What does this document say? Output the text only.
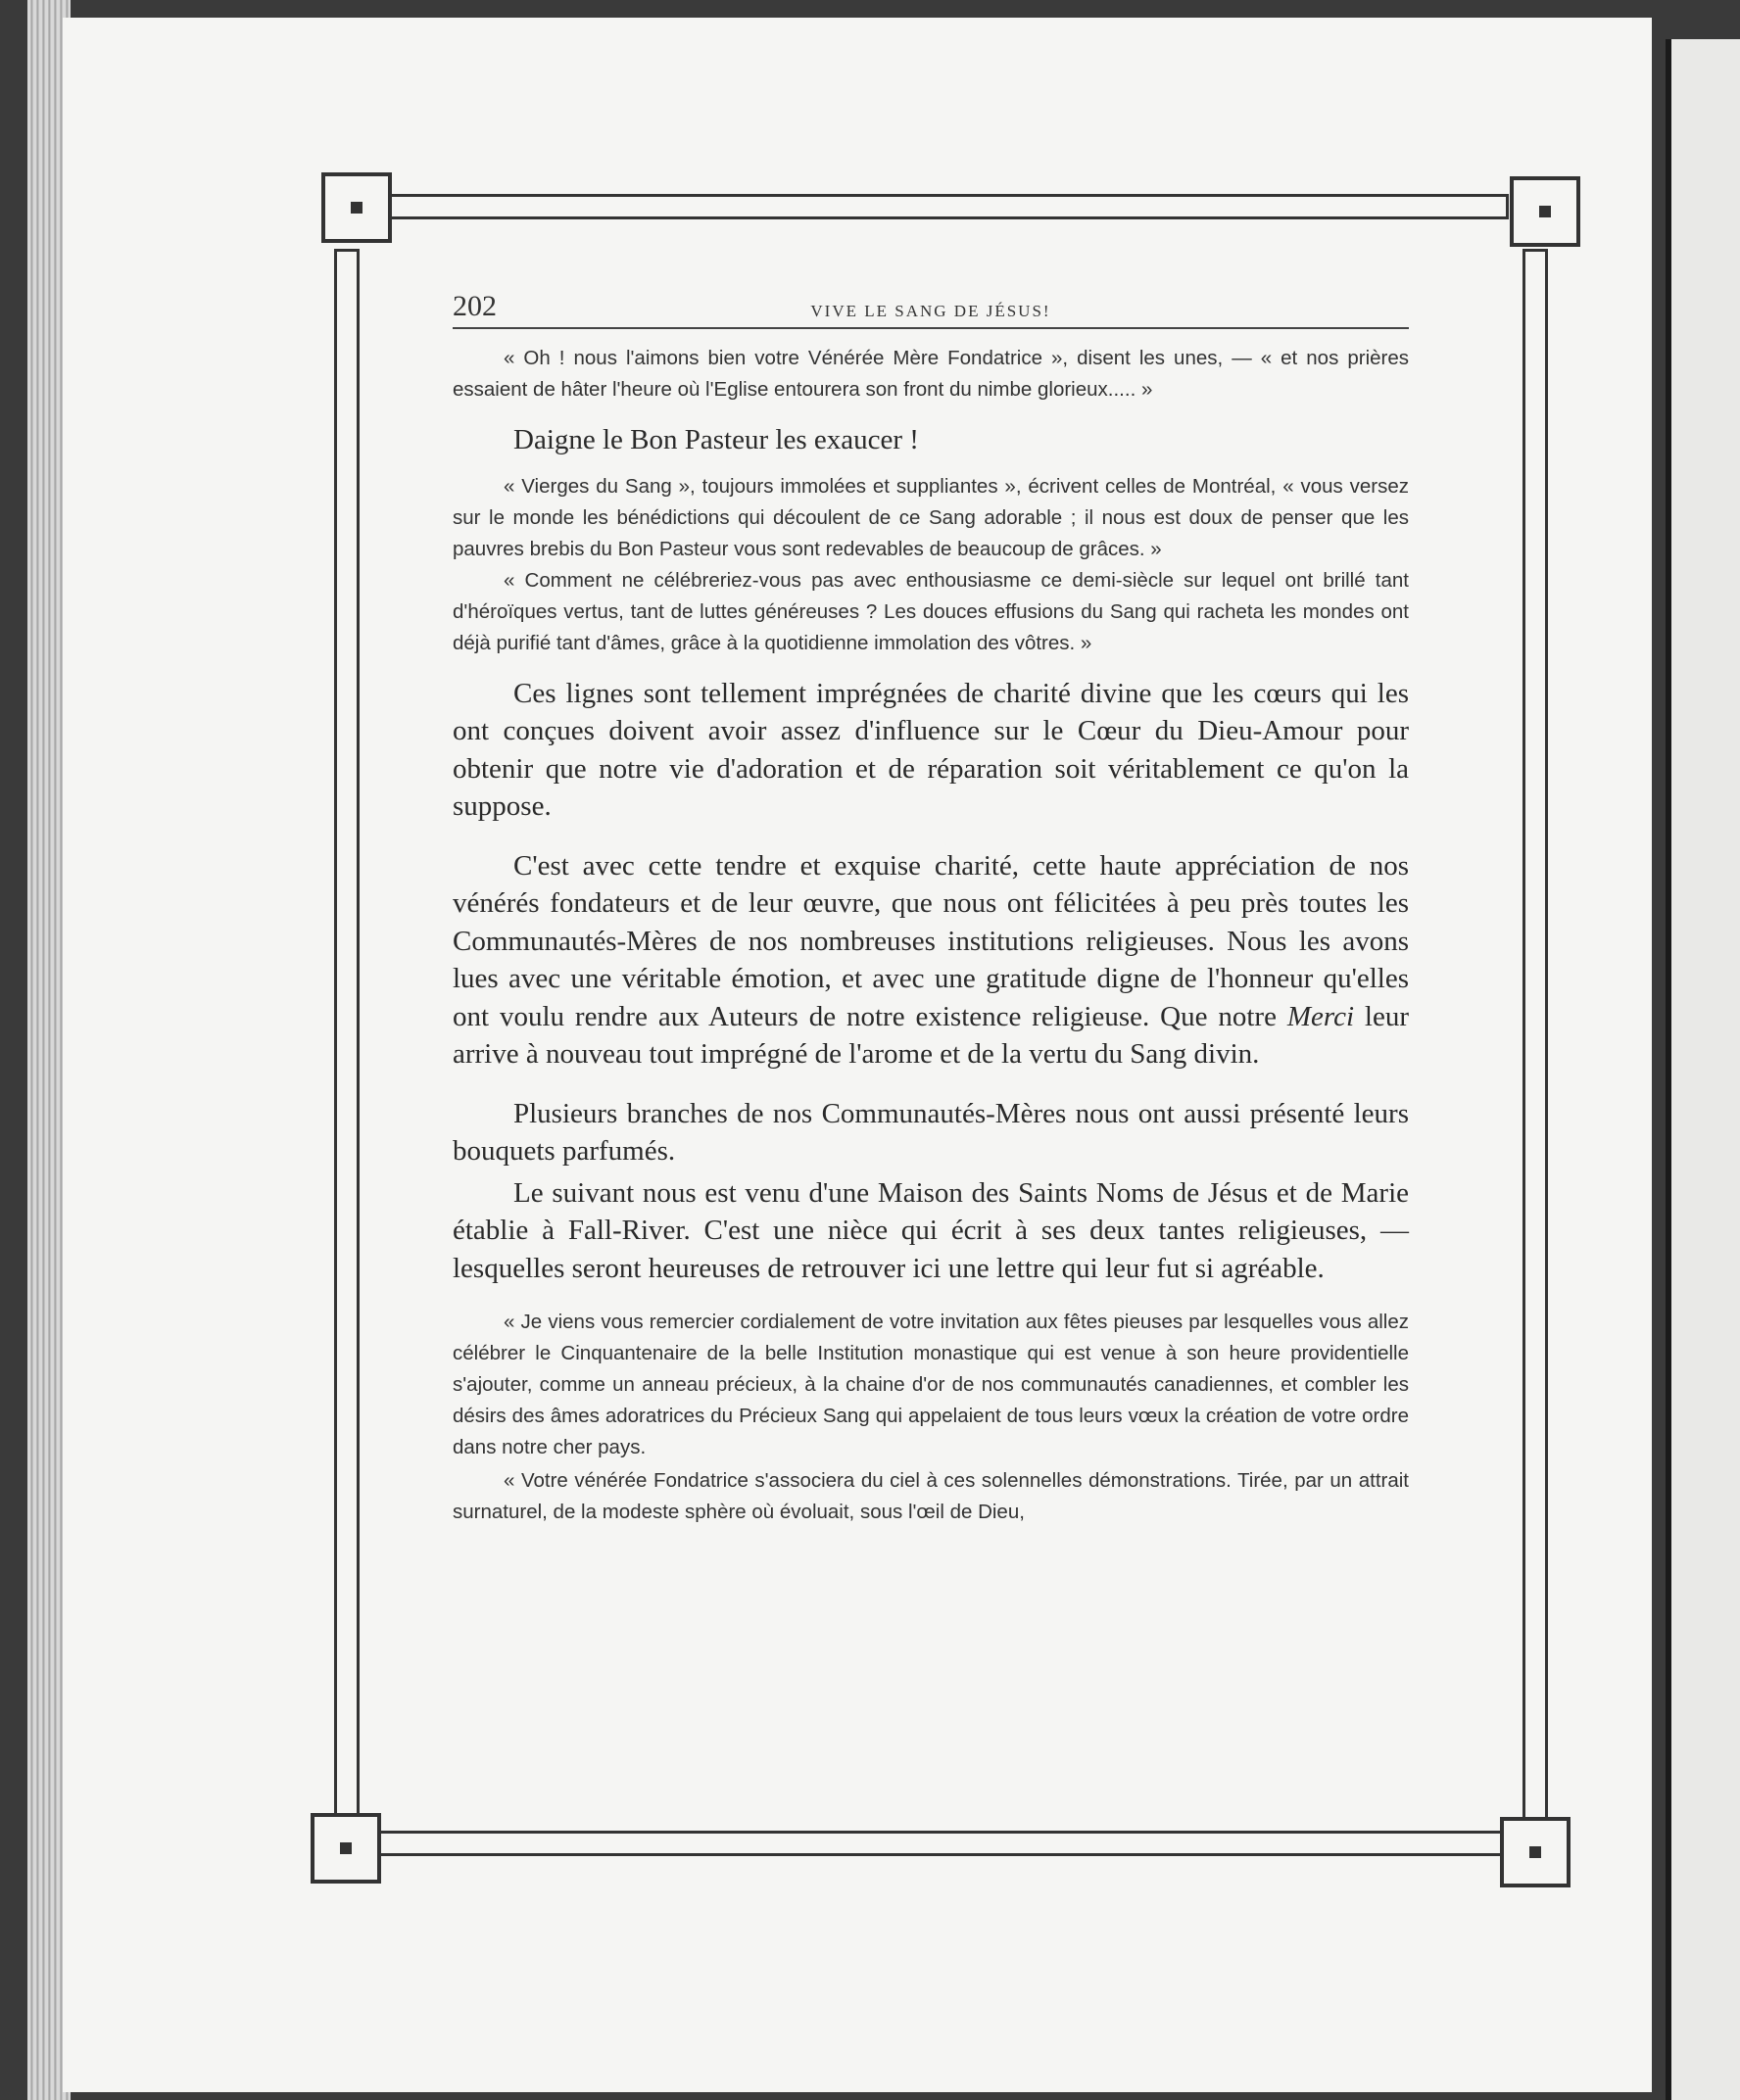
202	VIVE LE SANG DE JÉSUS!

« Oh ! nous l'aimons bien votre Vénérée Mère Fondatrice », disent les unes, — « et nos prières essaient de hâter l'heure où l'Eglise entourera son front du nimbe glorieux..... »

Daigne le Bon Pasteur les exaucer !

« Vierges du Sang », toujours immolées et suppliantes », écrivent celles de Montréal, « vous versez sur le monde les bénédictions qui découlent de ce Sang adorable ; il nous est doux de penser que les pauvres brebis du Bon Pasteur vous sont redevables de beaucoup de grâces. »

« Comment ne célébreriez-vous pas avec enthousiasme ce demi-siècle sur lequel ont brillé tant d'héroïques vertus, tant de luttes généreuses ? Les douces effusions du Sang qui racheta les mondes ont déjà purifié tant d'âmes, grâce à la quotidienne immolation des vôtres. »

Ces lignes sont tellement imprégnées de charité divine que les cœurs qui les ont conçues doivent avoir assez d'influence sur le Cœur du Dieu-Amour pour obtenir que notre vie d'adoration et de réparation soit véritablement ce qu'on la suppose.

C'est avec cette tendre et exquise charité, cette haute appréciation de nos vénérés fondateurs et de leur œuvre, que nous ont félicitées à peu près toutes les Communautés-Mères de nos nombreuses institutions religieuses. Nous les avons lues avec une véritable émotion, et avec une gratitude digne de l'honneur qu'elles ont voulu rendre aux Auteurs de notre existence religieuse. Que notre Merci leur arrive à nouveau tout imprégné de l'arome et de la vertu du Sang divin.

Plusieurs branches de nos Communautés-Mères nous ont aussi présenté leurs bouquets parfumés.

Le suivant nous est venu d'une Maison des Saints Noms de Jésus et de Marie établie à Fall-River. C'est une nièce qui écrit à ses deux tantes religieuses, — lesquelles seront heureuses de retrouver ici une lettre qui leur fut si agréable.

« Je viens vous remercier cordialement de votre invitation aux fêtes pieuses par lesquelles vous allez célébrer le Cinquantenaire de la belle Institution monastique qui est venue à son heure providentielle s'ajouter, comme un anneau précieux, à la chaine d'or de nos communautés canadiennes, et combler les désirs des âmes adoratrices du Précieux Sang qui appelaient de tous leurs vœux la création de votre ordre dans notre cher pays.

« Votre vénérée Fondatrice s'associera du ciel à ces solennelles démonstrations. Tirée, par un attrait surnaturel, de la modeste sphère où évoluait, sous l'œil de Dieu,
